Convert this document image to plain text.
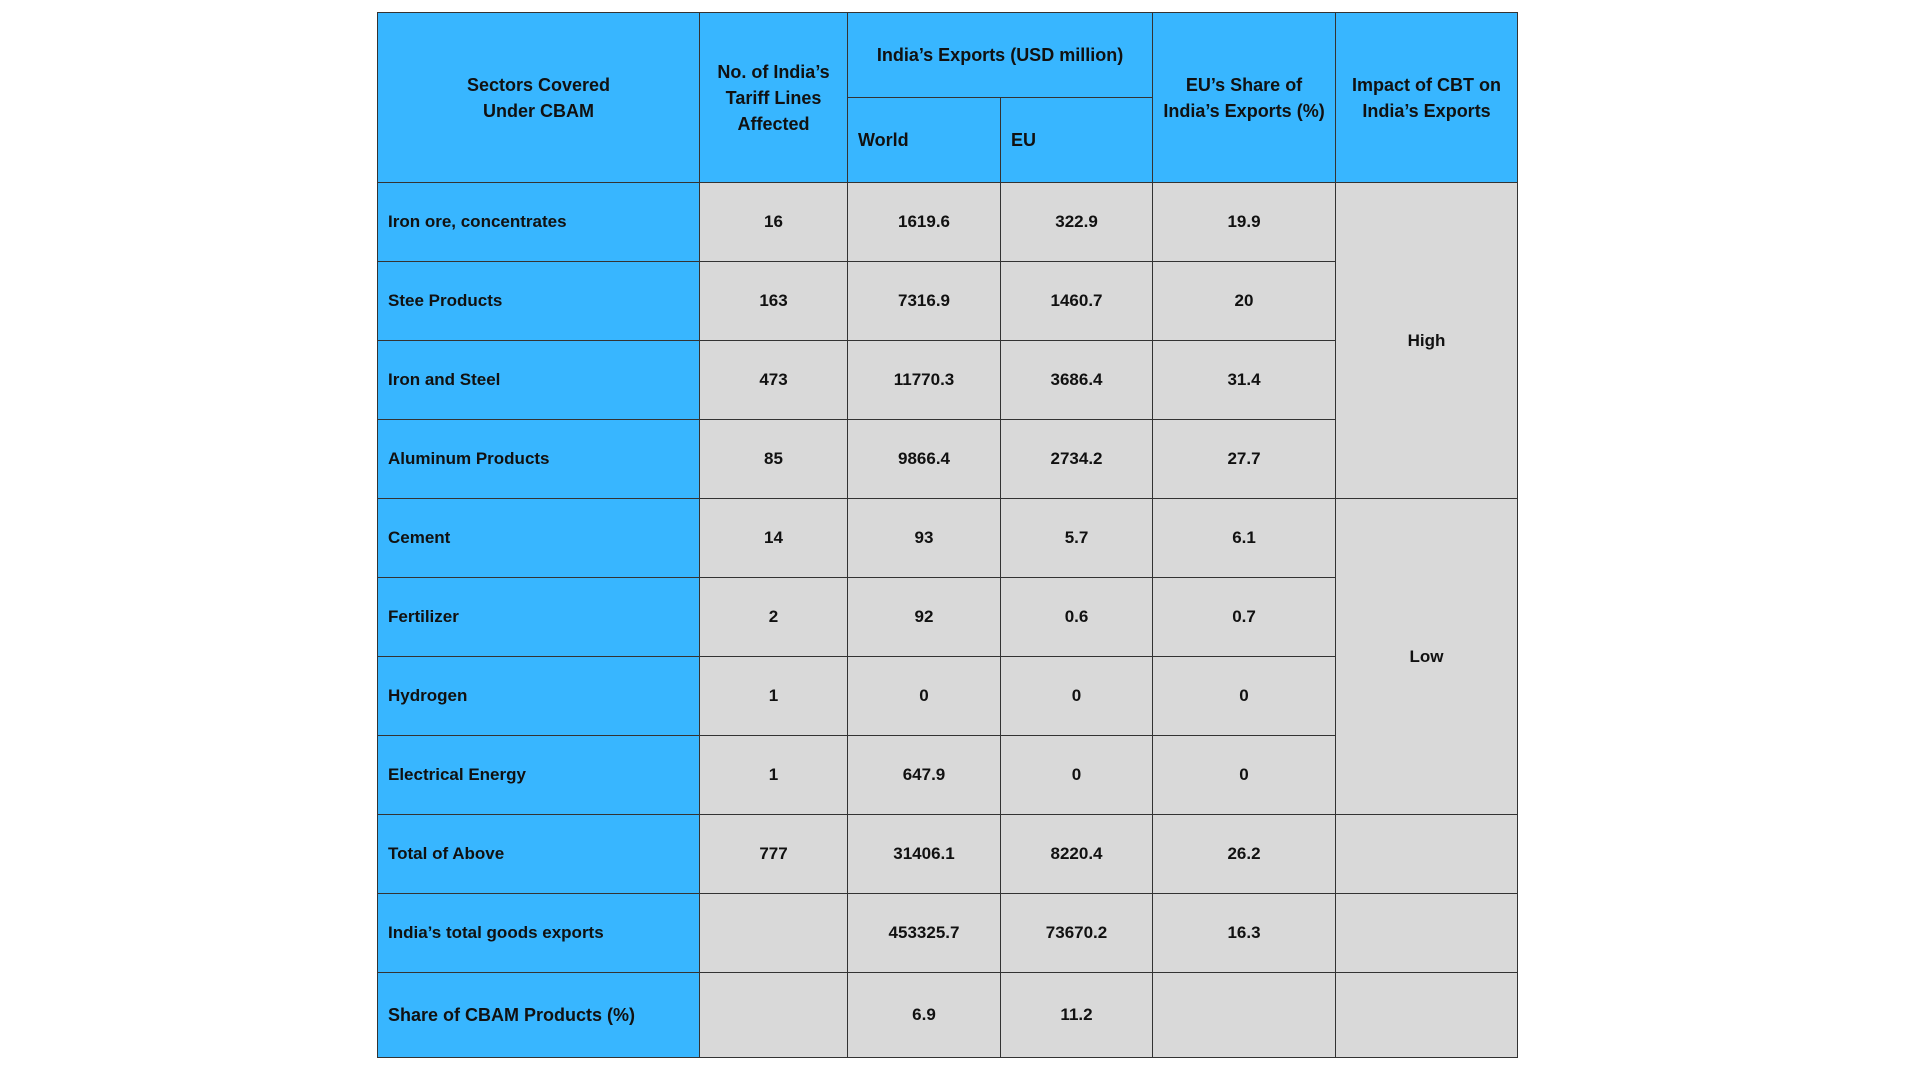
Sectors Covered
Under CBAM	No. of India’s
Tariff Lines
Affected	India’s Exports (USD million)		EU’s Share of
India’s Exports (%)	Impact of CBT on
India’s Exports
		World	EU		
Iron ore, concentrates	16	1619.6	322.9	19.9	High
Stee Products	163	7316.9	1460.7	20	
Iron and Steel	473	11770.3	3686.4	31.4	
Aluminum Products	85	9866.4	2734.2	27.7	
Cement	14	93	5.7	6.1	Low
Fertilizer	2	92	0.6	0.7	
Hydrogen	1	0	0	0	
Electrical Energy	1	647.9	0	0	
Total of Above	777	31406.1	8220.4	26.2	
India’s total goods exports		453325.7	73670.2	16.3	
Share of CBAM Products (%)		6.9	11.2		
